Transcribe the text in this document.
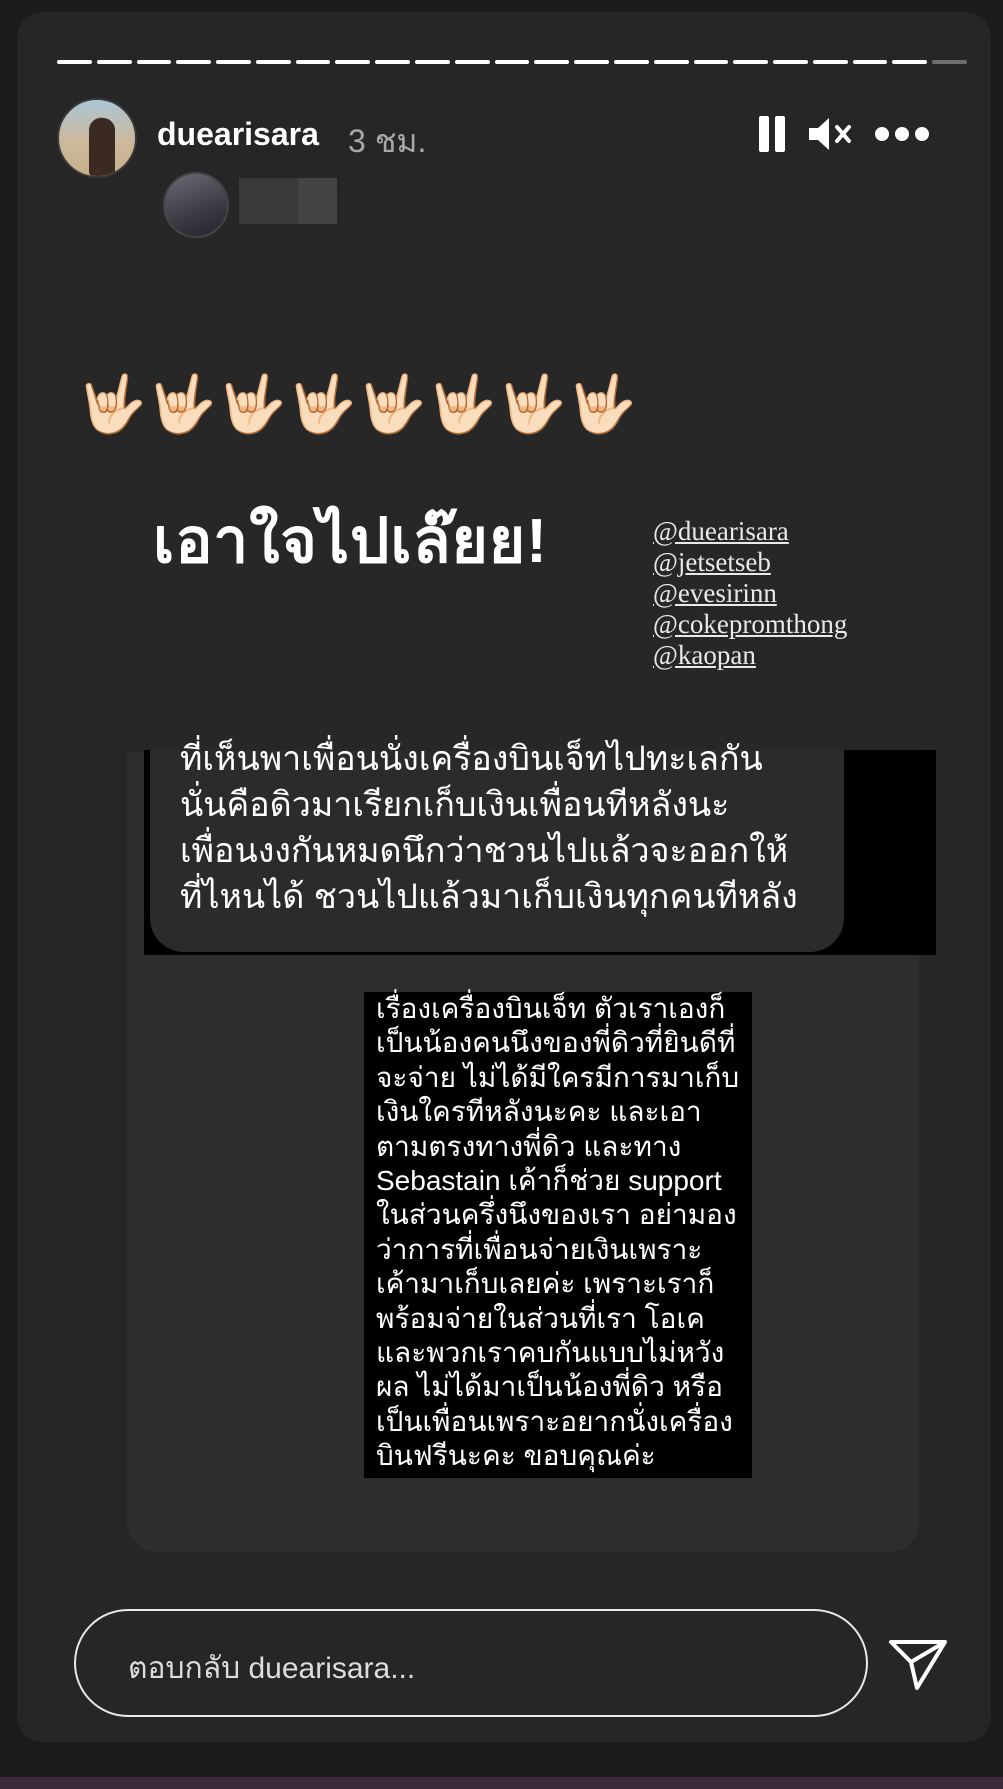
duearisara 3 ชม.
🤟🏻 🤟🏻 🤟🏻 🤟🏻 🤟🏻 🤟🏻 🤟🏻 🤟🏻
เอาใจไปเล๊ยย!	@duearisara
@jetsetseb
@evesirinn
@cokepromthong
@kaopan
ที่เห็นพาเพื่อนนั่งเครื่องบินเจ็ทไปทะเลกัน
นั่นคือดิวมาเรียกเก็บเงินเพื่อนทีหลังนะ
เพื่อนงงกันหมดนึกว่าชวนไปแล้วจะออกให้
ที่ไหนได้ ชวนไปแล้วมาเก็บเงินทุกคนทีหลัง
เรื่องเครื่องบินเจ็ท ตัวเราเองก็
เป็นน้องคนนึงของพี่ดิวที่ยินดีที่
จะจ่าย ไม่ได้มีใครมีการมาเก็บ
เงินใครทีหลังนะคะ และเอา
ตามตรงทางพี่ดิว และทาง
Sebastain เค้าก็ช่วย support
ในส่วนครึ่งนึงของเรา อย่ามอง
ว่าการที่เพื่อนจ่ายเงินเพราะ
เค้ามาเก็บเลยค่ะ เพราะเราก็
พร้อมจ่ายในส่วนที่เรา โอเค
และพวกเราคบกันแบบไม่หวัง
ผล ไม่ได้มาเป็นน้องพี่ดิว หรือ
เป็นเพื่อนเพราะอยากนั่งเครื่อง
บินฟรีนะคะ ขอบคุณค่ะ
ตอบกลับ duearisara...
